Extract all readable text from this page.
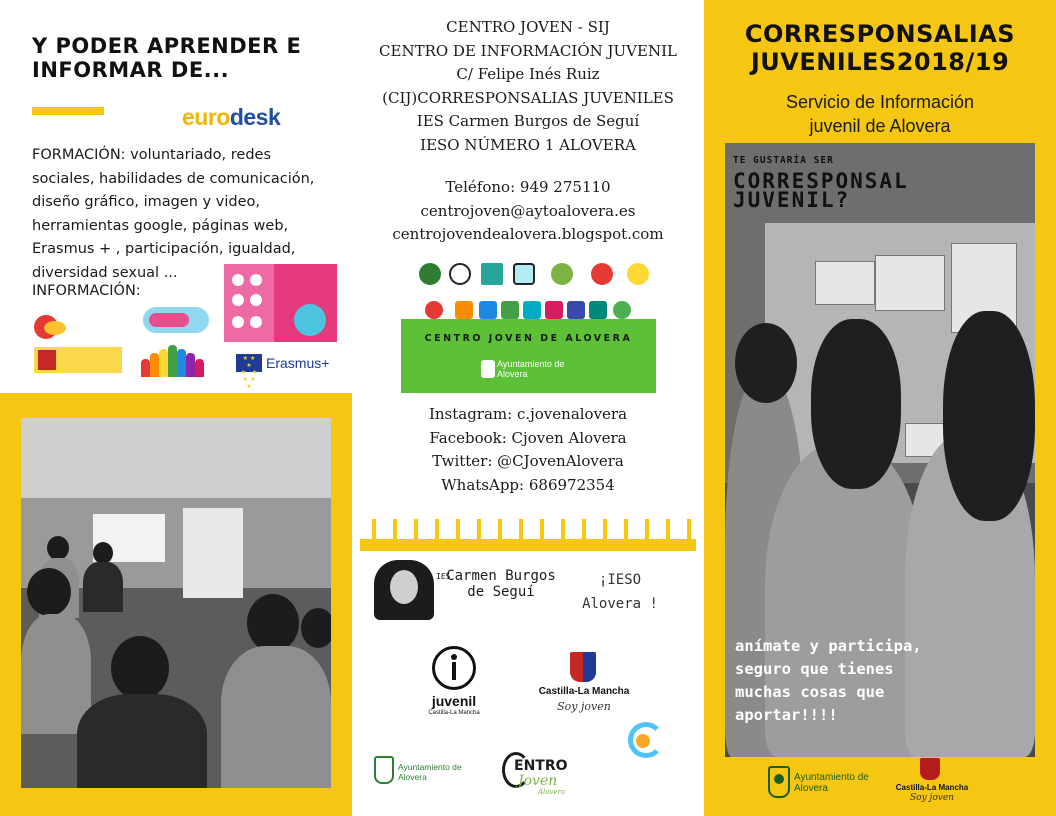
Y PODER APRENDER E INFORMAR DE...
eurodesk
FORMACIÓN: voluntariado, redes sociales, habilidades de comunicación, diseño gráfico, imagen y video, herramientas google, páginas web, Erasmus + , participación, igualdad, diversidad sexual ...
INFORMACIÓN:
★ ★ ★
★   ★
★ ★ ★
Erasmus+
CENTRO JOVEN - SIJ
CENTRO DE INFORMACIÓN JUVENIL
C/ Felipe Inés Ruiz
(CIJ)CORRESPONSALIAS JUVENILES
IES Carmen Burgos de Seguí
IESO NÚMERO 1 ALOVERA
Teléfono: 949 275110
centrojoven@aytoalovera.es
centrojovendealovera.blogspot.com
CENTRO JOVEN DE ALOVERA
Ayuntamiento de Alovera
Instagram: c.jovenalovera
Facebook: Cjoven Alovera
Twitter: @CJovenAlovera
WhatsApp: 686972354
IES
Carmen Burgos de Seguí
¡IESO
Alovera !
juvenil
Castilla-La Mancha
Castilla-La Mancha
Soy joven
Ayuntamiento de Alovera
ENTRO
Joven
Alovera
CORRESPONSALIAS
JUVENILES2018/19
Servicio de Información
juvenil de Alovera
TE GUSTARÍA SER
CORRESPONSAL
JUVENIL?
anímate y participa, seguro que tienes muchas cosas que aportar!!!!
Ayuntamiento de Alovera	Castilla-La Mancha
Soy joven
